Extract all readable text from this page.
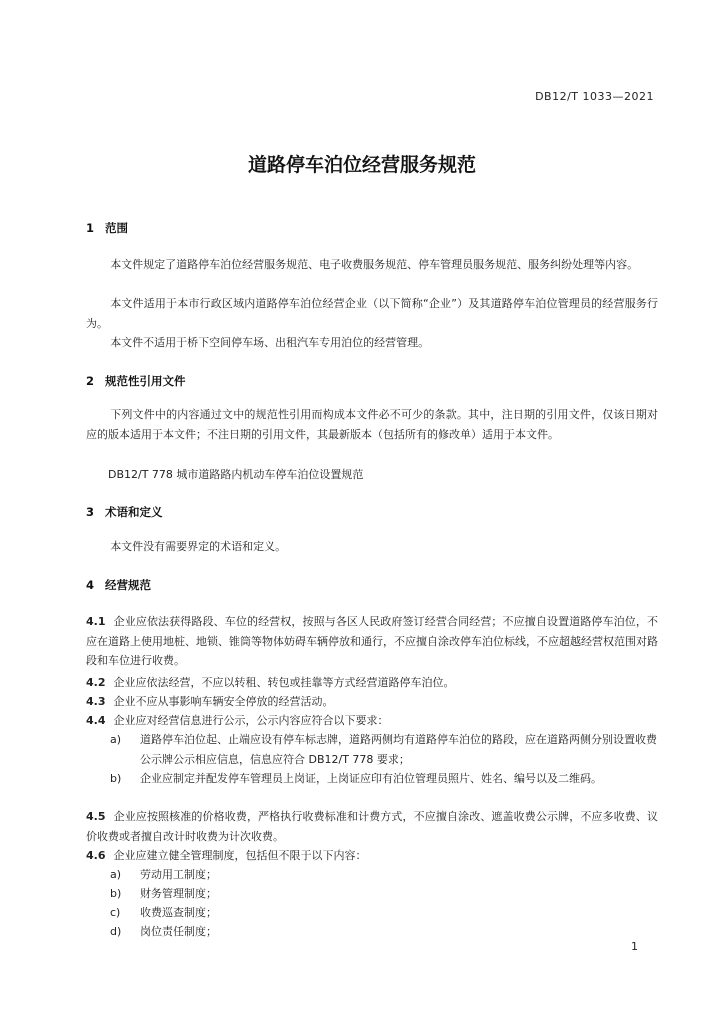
DB12/T 1033—2021
道路停车泊位经营服务规范
1 范围

本文件规定了道路停车泊位经营服务规范、电子收费服务规范、停车管理员服务规范、服务纠纷处理等内容。

本文件适用于本市行政区域内道路停车泊位经营企业（以下简称“企业”）及其道路停车泊位管理员的经营服务行为。

本文件不适用于桥下空间停车场、出租汽车专用泊位的经营管理。

2 规范性引用文件

下列文件中的内容通过文中的规范性引用而构成本文件必不可少的条款。其中，注日期的引用文件，仅该日期对应的版本适用于本文件；不注日期的引用文件，其最新版本（包括所有的修改单）适用于本文件。

DB12/T 778 城市道路路内机动车停车泊位设置规范
3 术语和定义

本文件没有需要界定的术语和定义。

4 经营规范
4.1 企业应依法获得路段、车位的经营权，按照与各区人民政府签订经营合同经营；不应擅自设置道路停车泊位，不应在道路上使用地桩、地锁、锥筒等物体妨碍车辆停放和通行，不应擅自涂改停车泊位标线，不应超越经营权范围对路段和车位进行收费。
4.2 企业应依法经营，不应以转租、转包或挂靠等方式经营道路停车泊位。
4.3 企业不应从事影响车辆安全停放的经营活动。
4.4 企业应对经营信息进行公示，公示内容应符合以下要求：
a) 道路停车泊位起、止端应设有停车标志牌，道路两侧均有道路停车泊位的路段，应在道路两侧分别设置收费公示牌公示相应信息，信息应符合 DB12/T 778 要求；
b) 企业应制定并配发停车管理员上岗证，上岗证应印有泊位管理员照片、姓名、编号以及二维码。
4.5 企业应按照核准的价格收费，严格执行收费标准和计费方式，不应擅自涂改、遮盖收费公示牌，不应多收费、议价收费或者擅自改计时收费为计次收费。
4.6 企业应建立健全管理制度，包括但不限于以下内容：
a) 劳动用工制度；
b) 财务管理制度；
c) 收费巡查制度；
d) 岗位责任制度；
1
